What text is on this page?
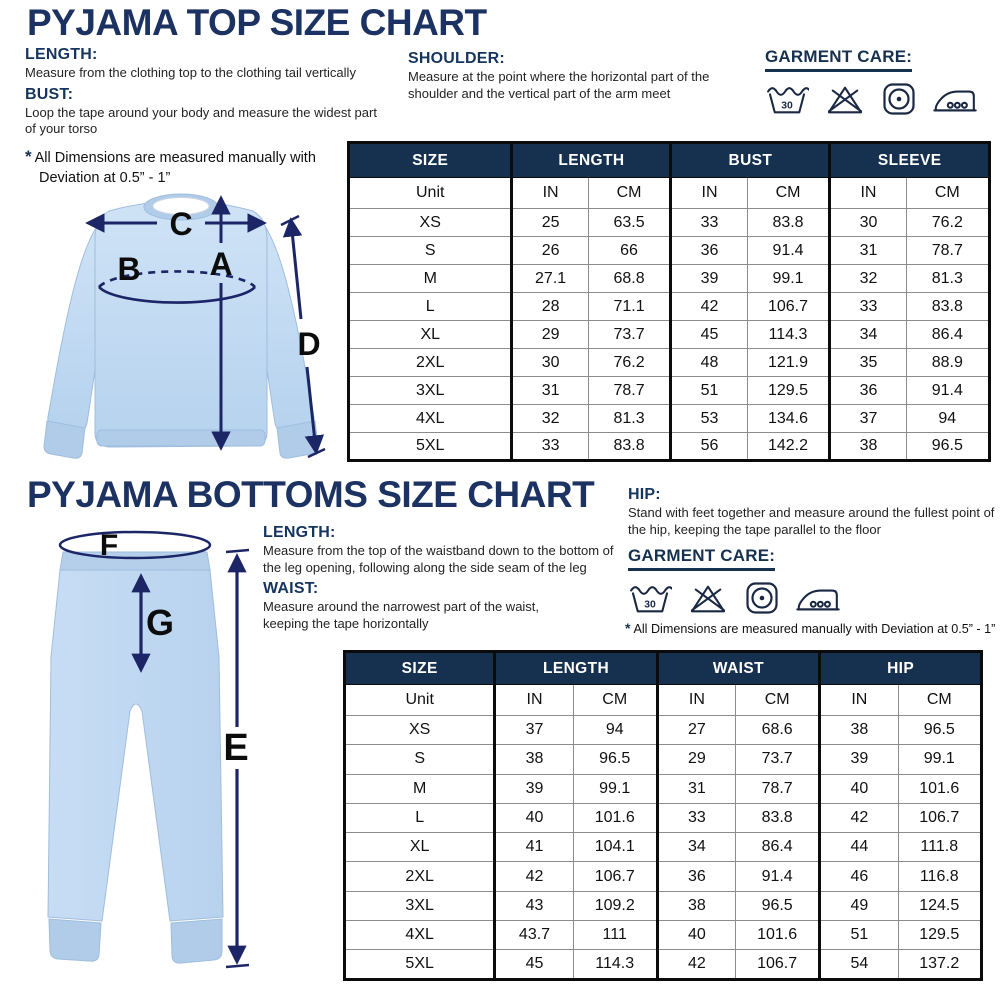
PYJAMA TOP SIZE CHART
LENGTH:
Measure from the clothing top to the clothing tail vertically
BUST:
Loop the tape around your body and measure the widest part of your torso
SHOULDER:
Measure at the point where the horizontal part of the shoulder and the vertical part of the arm meet
GARMENT CARE:
30
* All Dimensions are measured manually with
Deviation at 0.5” - 1”
C
A
B
D
SIZE	LENGTH		BUST		SLEEVE	
Unit	IN	CM	IN	CM	IN	CM
XS	25	63.5	33	83.8	30	76.2
S	26	66	36	91.4	31	78.7
M	27.1	68.8	39	99.1	32	81.3
L	28	71.1	42	106.7	33	83.8
XL	29	73.7	45	114.3	34	86.4
2XL	30	76.2	48	121.9	35	88.9
3XL	31	78.7	51	129.5	36	91.4
4XL	32	81.3	53	134.6	37	94
5XL	33	83.8	56	142.2	38	96.5
PYJAMA BOTTOMS SIZE CHART
F
G
E
LENGTH:
Measure from the top of the waistband down to the bottom of the leg opening, following along the side seam of the leg
WAIST:
Measure around the narrowest part of the waist, keeping the tape horizontally
HIP:
Stand with feet together and measure around the fullest point of the hip, keeping the tape parallel to the floor
GARMENT CARE:
30
* All Dimensions are measured manually with Deviation at 0.5” - 1”
SIZE	LENGTH		WAIST		HIP	
Unit	IN	CM	IN	CM	IN	CM
XS	37	94	27	68.6	38	96.5
S	38	96.5	29	73.7	39	99.1
M	39	99.1	31	78.7	40	101.6
L	40	101.6	33	83.8	42	106.7
XL	41	104.1	34	86.4	44	111.8
2XL	42	106.7	36	91.4	46	116.8
3XL	43	109.2	38	96.5	49	124.5
4XL	43.7	111	40	101.6	51	129.5
5XL	45	114.3	42	106.7	54	137.2
